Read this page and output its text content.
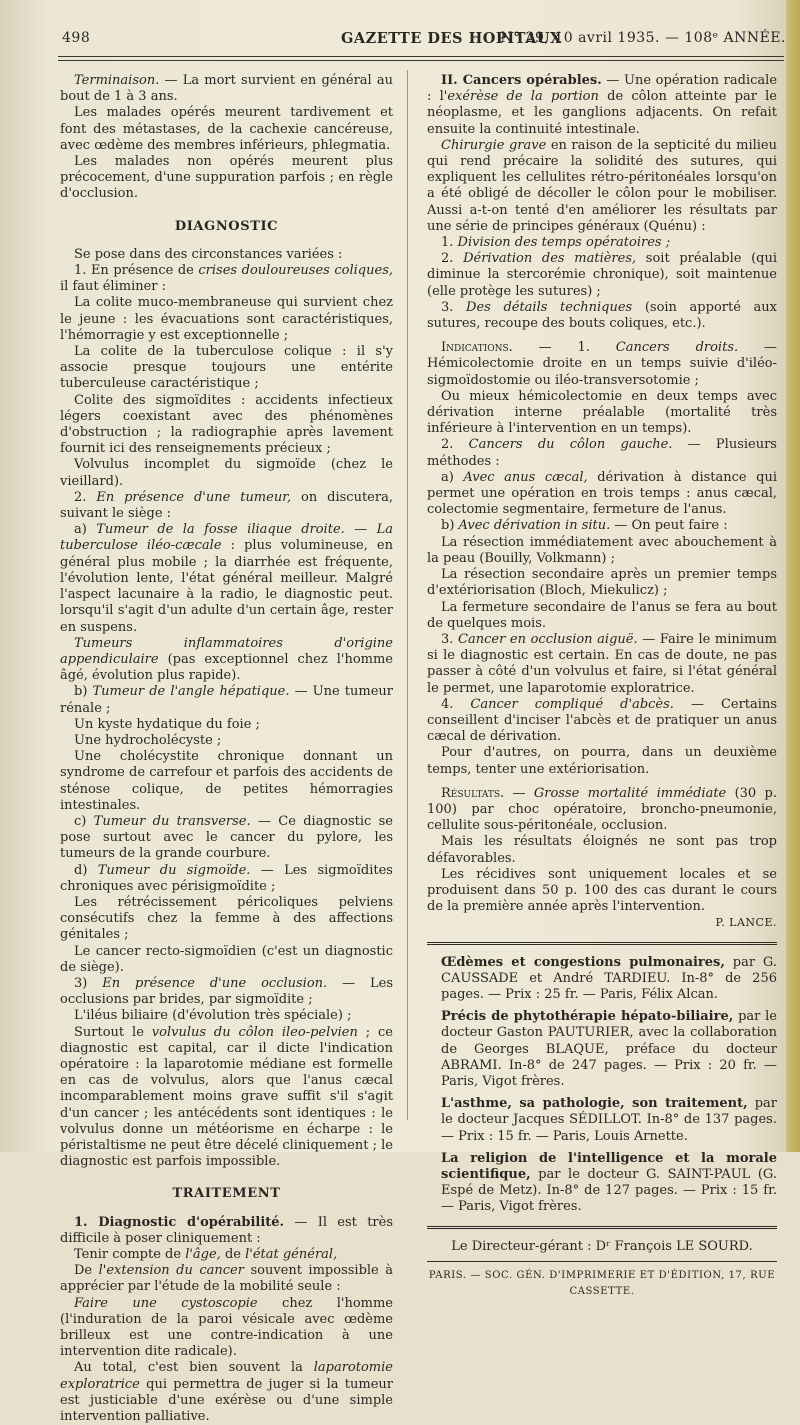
498	GAZETTE DES HOPITAUX
N° 29, 10 avril 1935. — 108ᵉ ANNÉE.

Terminaison. — La mort survient en général au bout de 1 à 3 ans.

Les malades opérés meurent tardivement et font des métastases, de la cachexie cancéreuse, avec œdème des membres inférieurs, phlegmatia.

Les malades non opérés meurent plus précocement, d'une suppuration parfois ; en règle d'occlusion.

DIAGNOSTIC

Se pose dans des circonstances variées :

1. En présence de crises douloureuses coliques, il faut éliminer :

La colite muco-membraneuse qui survient chez le jeune : les évacuations sont caractéristiques, l'hémorragie y est exceptionnelle ;

La colite de la tuberculose colique : il s'y associe presque toujours une entérite tuberculeuse caractéristique ;

Colite des sigmoïdites : accidents infectieux légers coexistant avec des phénomènes d'obstruction ; la radiographie après lavement fournit ici des renseignements précieux ;

Volvulus incomplet du sigmoïde (chez le vieillard).

2. En présence d'une tumeur, on discutera, suivant le siège :

a) Tumeur de la fosse iliaque droite. — La tuberculose iléo-cæcale : plus volumineuse, en général plus mobile ; la diarrhée est fréquente, l'évolution lente, l'état général meilleur. Malgré l'aspect lacunaire à la radio, le diagnostic peut. lorsqu'il s'agit d'un adulte d'un certain âge, rester en suspens.

Tumeurs inflammatoires d'origine appendiculaire (pas exceptionnel chez l'homme âgé, évolution plus rapide).

b) Tumeur de l'angle hépatique. — Une tumeur rénale ;

Un kyste hydatique du foie ;

Une hydrocholécyste ;

Une cholécystite chronique donnant un syndrome de carrefour et parfois des accidents de sténose colique, de petites hémorragies intestinales.

c) Tumeur du transverse. — Ce diagnostic se pose surtout avec le cancer du pylore, les tumeurs de la grande courbure.

d) Tumeur du sigmoïde. — Les sigmoïdites chroniques avec périsigmoïdite ;

Les rétrécissement péricoliques pelviens consécutifs chez la femme à des affections génitales ;

Le cancer recto-sigmoïdien (c'est un diagnostic de siège).

3) En présence d'une occlusion. — Les occlusions par brides, par sigmoïdite ;

L'iléus biliaire (d'évolution très spéciale) ;

Surtout le volvulus du côlon ileo-pelvien ; ce diagnostic est capital, car il dicte l'indication opératoire : la laparotomie médiane est formelle en cas de volvulus, alors que l'anus cæcal incomparablement moins grave suffit s'il s'agit d'un cancer ; les antécédents sont identiques : le volvulus donne un météorisme en écharpe : le péristaltisme ne peut être décelé cliniquement ; le diagnostic est parfois impossible.

TRAITEMENT

1. Diagnostic d'opérabilité. — Il est très difficile à poser cliniquement :

Tenir compte de l'âge, de l'état général,

De l'extension du cancer souvent impossible à apprécier par l'étude de la mobilité seule :

Faire une cystoscopie chez l'homme (l'induration de la paroi vésicale avec œdème brilleux est une contre-indication à une intervention dite radicale).

Au total, c'est bien souvent la laparotomie exploratrice qui permettra de juger si la tumeur est justiciable d'une exérèse ou d'une simple intervention palliative.

II. Cancers opérables. — Une opération radicale : l'exérèse de la portion de côlon atteinte par le néoplasme, et les ganglions adjacents. On refait ensuite la continuité intestinale.

Chirurgie grave en raison de la septicité du milieu qui rend précaire la solidité des sutures, qui expliquent les cellulites rétro-péritonéales lorsqu'on a été obligé de décoller le côlon pour le mobiliser. Aussi a-t-on tenté d'en améliorer les résultats par une série de principes généraux (Quénu) :

1. Division des temps opératoires ;

2. Dérivation des matières, soit préalable (qui diminue la stercorémie chronique), soit maintenue (elle protège les sutures) ;

3. Des détails techniques (soin apporté aux sutures, recoupe des bouts coliques, etc.).

Indications. — 1. Cancers droits. — Hémicolectomie droite en un temps suivie d'iléo-sigmoïdostomie ou iléo-transversotomie ;

Ou mieux hémicolectomie en deux temps avec dérivation interne préalable (mortalité très inférieure à l'intervention en un temps).

2. Cancers du côlon gauche. — Plusieurs méthodes :

a) Avec anus cæcal, dérivation à distance qui permet une opération en trois temps : anus cæcal, colectomie segmentaire, fermeture de l'anus.

b) Avec dérivation in situ. — On peut faire :

La résection immédiatement avec abouchement à la peau (Bouilly, Volkmann) ;

La résection secondaire après un premier temps d'extériorisation (Bloch, Miekulicz) ;

La fermeture secondaire de l'anus se fera au bout de quelques mois.

3. Cancer en occlusion aiguë. — Faire le minimum si le diagnostic est certain. En cas de doute, ne pas passer à côté d'un volvulus et faire, si l'état général le permet, une laparotomie exploratrice.

4. Cancer compliqué d'abcès. — Certains conseillent d'inciser l'abcès et de pratiquer un anus cæcal de dérivation.

Pour d'autres, on pourra, dans un deuxième temps, tenter une extériorisation.

Résultats. — Grosse mortalité immédiate (30 p. 100) par choc opératoire, broncho-pneumonie, cellulite sous-péritonéale, occlusion.

Mais les résultats éloignés ne sont pas trop défavorables.

Les récidives sont uniquement locales et se produisent dans 50 p. 100 des cas durant le cours de la première année après l'intervention.

P. LANCE.

Œdèmes et congestions pulmonaires, par G. CAUSSADE et André TARDIEU. In-8° de 256 pages. — Prix : 25 fr. — Paris, Félix Alcan.

Précis de phytothérapie hépato-biliaire, par le docteur Gaston PAUTURIER, avec la collaboration de Georges BLAQUE, préface du docteur ABRAMI. In-8° de 247 pages. — Prix : 20 fr. — Paris, Vigot frères.

L'asthme, sa pathologie, son traitement, par le docteur Jacques SÉDILLOT. In-8° de 137 pages. — Prix : 15 fr. — Paris, Louis Arnette.

La religion de l'intelligence et la morale scientifique, par le docteur G. SAINT-PAUL (G. Espé de Metz). In-8° de 127 pages. — Prix : 15 fr. — Paris, Vigot frères.

Le Directeur-gérant : Dʳ François LE SOURD.
PARIS. — SOC. GÉN. D'IMPRIMERIE ET D'ÉDITION, 17, RUE CASSETTE.
